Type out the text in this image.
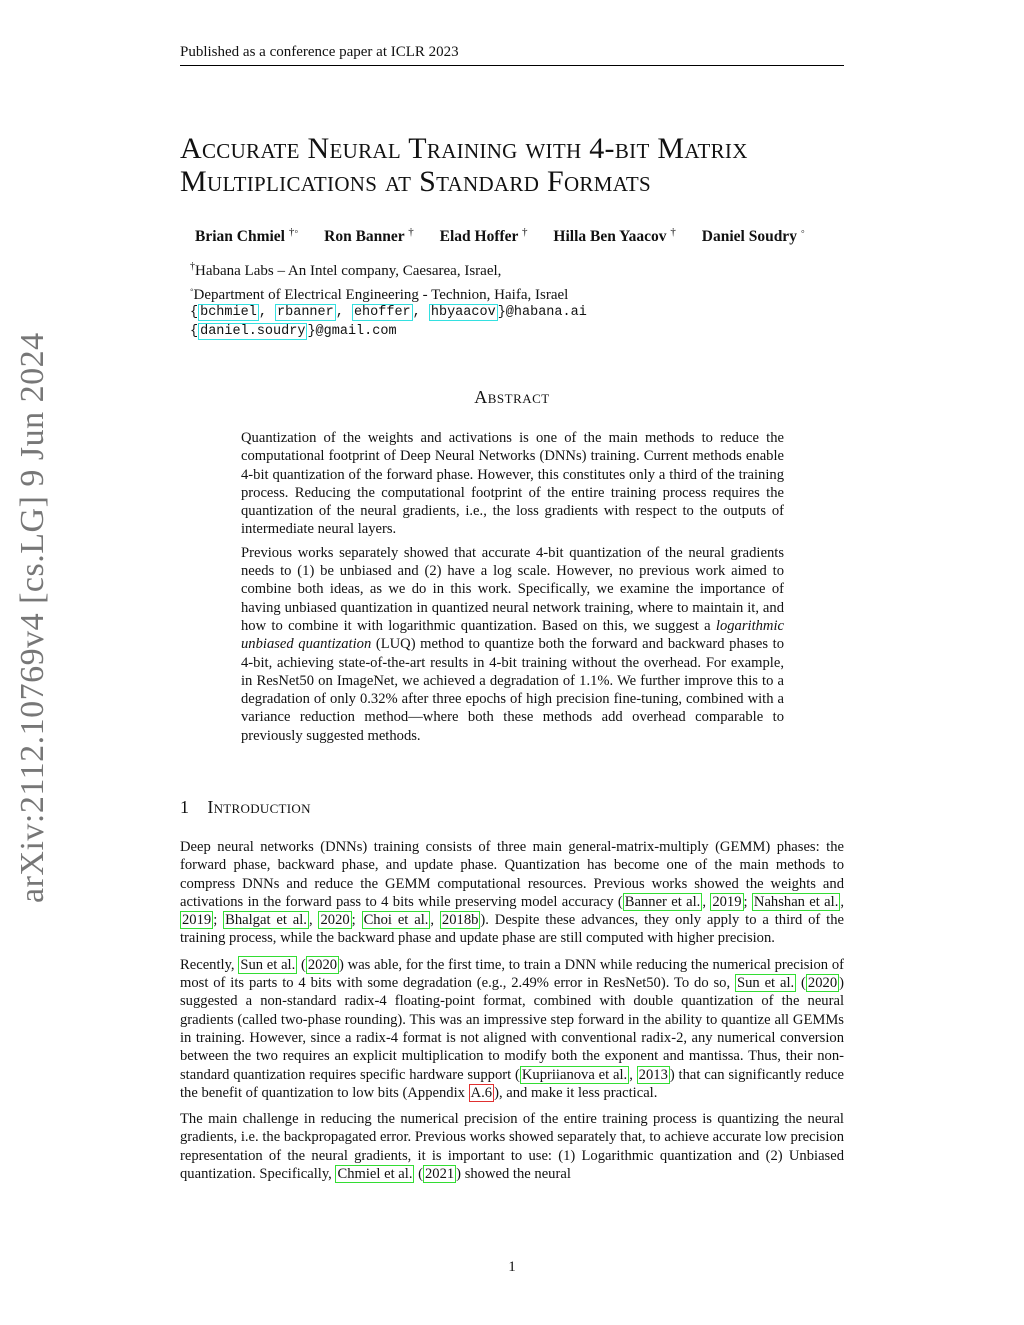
Published as a conference paper at ICLR 2023
Accurate Neural Training with 4-bit Matrix
Multiplications at Standard Formats
Brian Chmiel †◦ Ron Banner † Elad Hoffer † Hilla Ben Yaacov † Daniel Soudry ◦
†Habana Labs – An Intel company, Caesarea, Israel,
◦Department of Electrical Engineering - Technion, Haifa, Israel
{ bchmiel , rbanner , ehoffer , hbyaacov }@habana.ai
{ daniel.soudry }@gmail.com
arXiv:2112.10769v4 [cs.LG] 9 Jun 2024	Abstract

Quantization of the weights and activations is one of the main methods to reduce the computational footprint of Deep Neural Networks (DNNs) training. Current methods enable 4-bit quantization of the forward phase. However, this constitutes only a third of the training process. Reducing the computational footprint of the entire training process requires the quantization of the neural gradients, i.e., the loss gradients with respect to the outputs of intermediate neural layers.

Previous works separately showed that accurate 4-bit quantization of the neural gradients needs to (1) be unbiased and (2) have a log scale. However, no previous work aimed to combine both ideas, as we do in this work. Specifically, we examine the importance of having unbiased quantization in quantized neural network training, where to maintain it, and how to combine it with logarithmic quantization. Based on this, we suggest a logarithmic unbiased quantization (LUQ) method to quantize both the forward and backward phases to 4-bit, achieving state-of-the-art results in 4-bit training without the overhead. For example, in ResNet50 on ImageNet, we achieved a degradation of 1.1%. We further improve this to a degradation of only 0.32% after three epochs of high precision fine-tuning, combined with a variance reduction method—where both these methods add overhead comparable to previously suggested methods.

1 Introduction

Deep neural networks (DNNs) training consists of three main general-matrix-multiply (GEMM) phases: the forward phase, backward phase, and update phase. Quantization has become one of the main methods to compress DNNs and reduce the GEMM computational resources. Previous works showed the weights and activations in the forward pass to 4 bits while preserving model accuracy ( Banner et al. , 2019 ; Nahshan et al. , 2019 ; Bhalgat et al. , 2020 ; Choi et al. , 2018b ). Despite these advances, they only apply to a third of the training process, while the backward phase and update phase are still computed with higher precision.

Recently, Sun et al. ( 2020 ) was able, for the first time, to train a DNN while reducing the numerical precision of most of its parts to 4 bits with some degradation (e.g., 2.49% error in ResNet50). To do so, Sun et al. ( 2020 ) suggested a non-standard radix-4 floating-point format, combined with double quantization of the neural gradients (called two-phase rounding). This was an impressive step forward in the ability to quantize all GEMMs in training. However, since a radix-4 format is not aligned with conventional radix-2, any numerical conversion between the two requires an explicit multiplication to modify both the exponent and mantissa. Thus, their non-standard quantization requires specific hardware support ( Kupriianova et al. , 2013 ) that can significantly reduce the benefit of quantization to low bits (Appendix A.6 ), and make it less practical.

The main challenge in reducing the numerical precision of the entire training process is quantizing the neural gradients, i.e. the backpropagated error. Previous works showed separately that, to achieve accurate low precision representation of the neural gradients, it is important to use: (1) Logarithmic quantization and (2) Unbiased quantization. Specifically, Chmiel et al. ( 2021 ) showed the neural

1
